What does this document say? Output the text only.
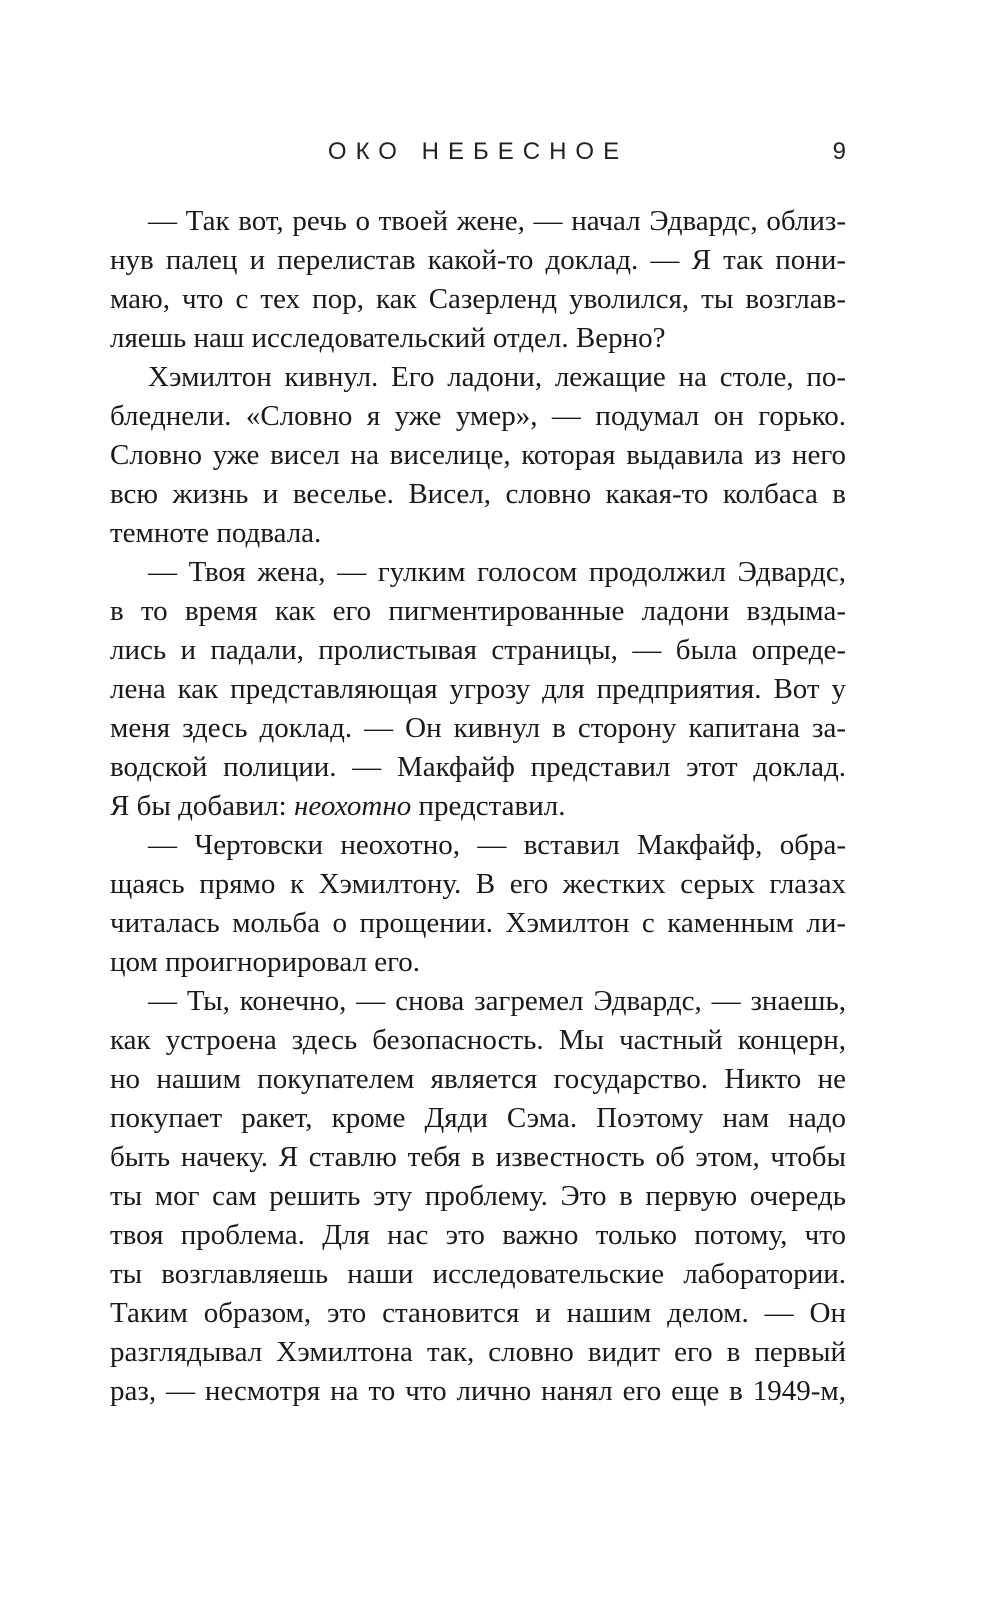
ОКО НЕБЕСНОЕ	9
— Так вот, речь о твоей жене, — начал Эдвардс, облиз-
нув палец и перелистав какой-то доклад. — Я так пони-
маю, что с тех пор, как Сазерленд уволился, ты возглав-
ляешь наш исследовательский отдел. Верно?
Хэмилтон кивнул. Его ладони, лежащие на столе, по-
бледнели. «Словно я уже умер», — подумал он горько.
Словно уже висел на виселице, которая выдавила из него
всю жизнь и веселье. Висел, словно какая-то колбаса в
темноте подвала.
— Твоя жена, — гулким голосом продолжил Эдвардс,
в то время как его пигментированные ладони вздыма-
лись и падали, пролистывая страницы, — была опреде-
лена как представляющая угрозу для предприятия. Вот у
меня здесь доклад. — Он кивнул в сторону капитана за-
водской полиции. — Макфайф представил этот доклад.
Я бы добавил: неохотно представил.
— Чертовски неохотно, — вставил Макфайф, обра-
щаясь прямо к Хэмилтону. В его жестких серых глазах
читалась мольба о прощении. Хэмилтон с каменным ли-
цом проигнорировал его.
— Ты, конечно, — снова загремел Эдвардс, — знаешь,
как устроена здесь безопасность. Мы частный концерн,
но нашим покупателем является государство. Никто не
покупает ракет, кроме Дяди Сэма. Поэтому нам надо
быть начеку. Я ставлю тебя в известность об этом, чтобы
ты мог сам решить эту проблему. Это в первую очередь
твоя проблема. Для нас это важно только потому, что
ты возглавляешь наши исследовательские лаборатории.
Таким образом, это становится и нашим делом. — Он
разглядывал Хэмилтона так, словно видит его в первый
раз, — несмотря на то что лично нанял его еще в 1949-м,
